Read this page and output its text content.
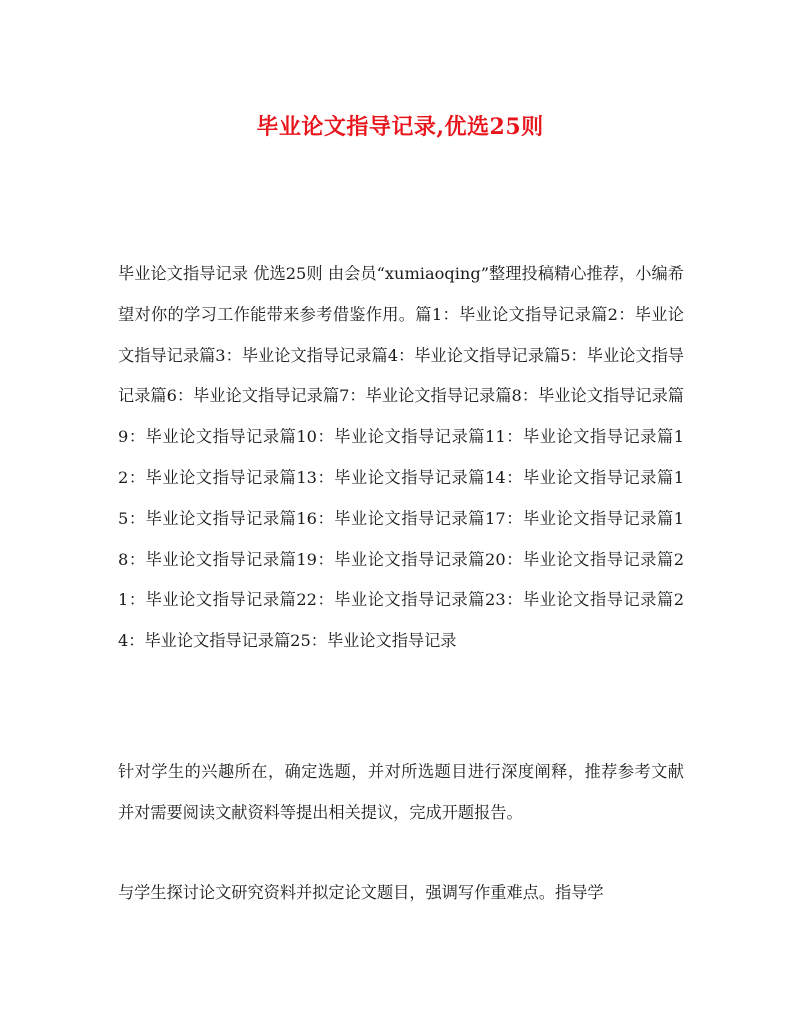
毕业论文指导记录,优选25则

毕业论文指导记录 优选25则 由会员“xumiaoqing”整理投稿精心推荐，小编希望对你的学习工作能带来参考借鉴作用。篇1：毕业论文指导记录篇2：毕业论文指导记录篇3：毕业论文指导记录篇4：毕业论文指导记录篇5：毕业论文指导记录篇6：毕业论文指导记录篇7：毕业论文指导记录篇8：毕业论文指导记录篇9：毕业论文指导记录篇10：毕业论文指导记录篇11：毕业论文指导记录篇12：毕业论文指导记录篇13：毕业论文指导记录篇14：毕业论文指导记录篇15：毕业论文指导记录篇16：毕业论文指导记录篇17：毕业论文指导记录篇18：毕业论文指导记录篇19：毕业论文指导记录篇20：毕业论文指导记录篇21：毕业论文指导记录篇22：毕业论文指导记录篇23：毕业论文指导记录篇24：毕业论文指导记录篇25：毕业论文指导记录

针对学生的兴趣所在，确定选题，并对所选题目进行深度阐释，推荐参考文献并对需要阅读文献资料等提出相关提议，完成开题报告。

与学生探讨论文研究资料并拟定论文题目，强调写作重难点。指导学
